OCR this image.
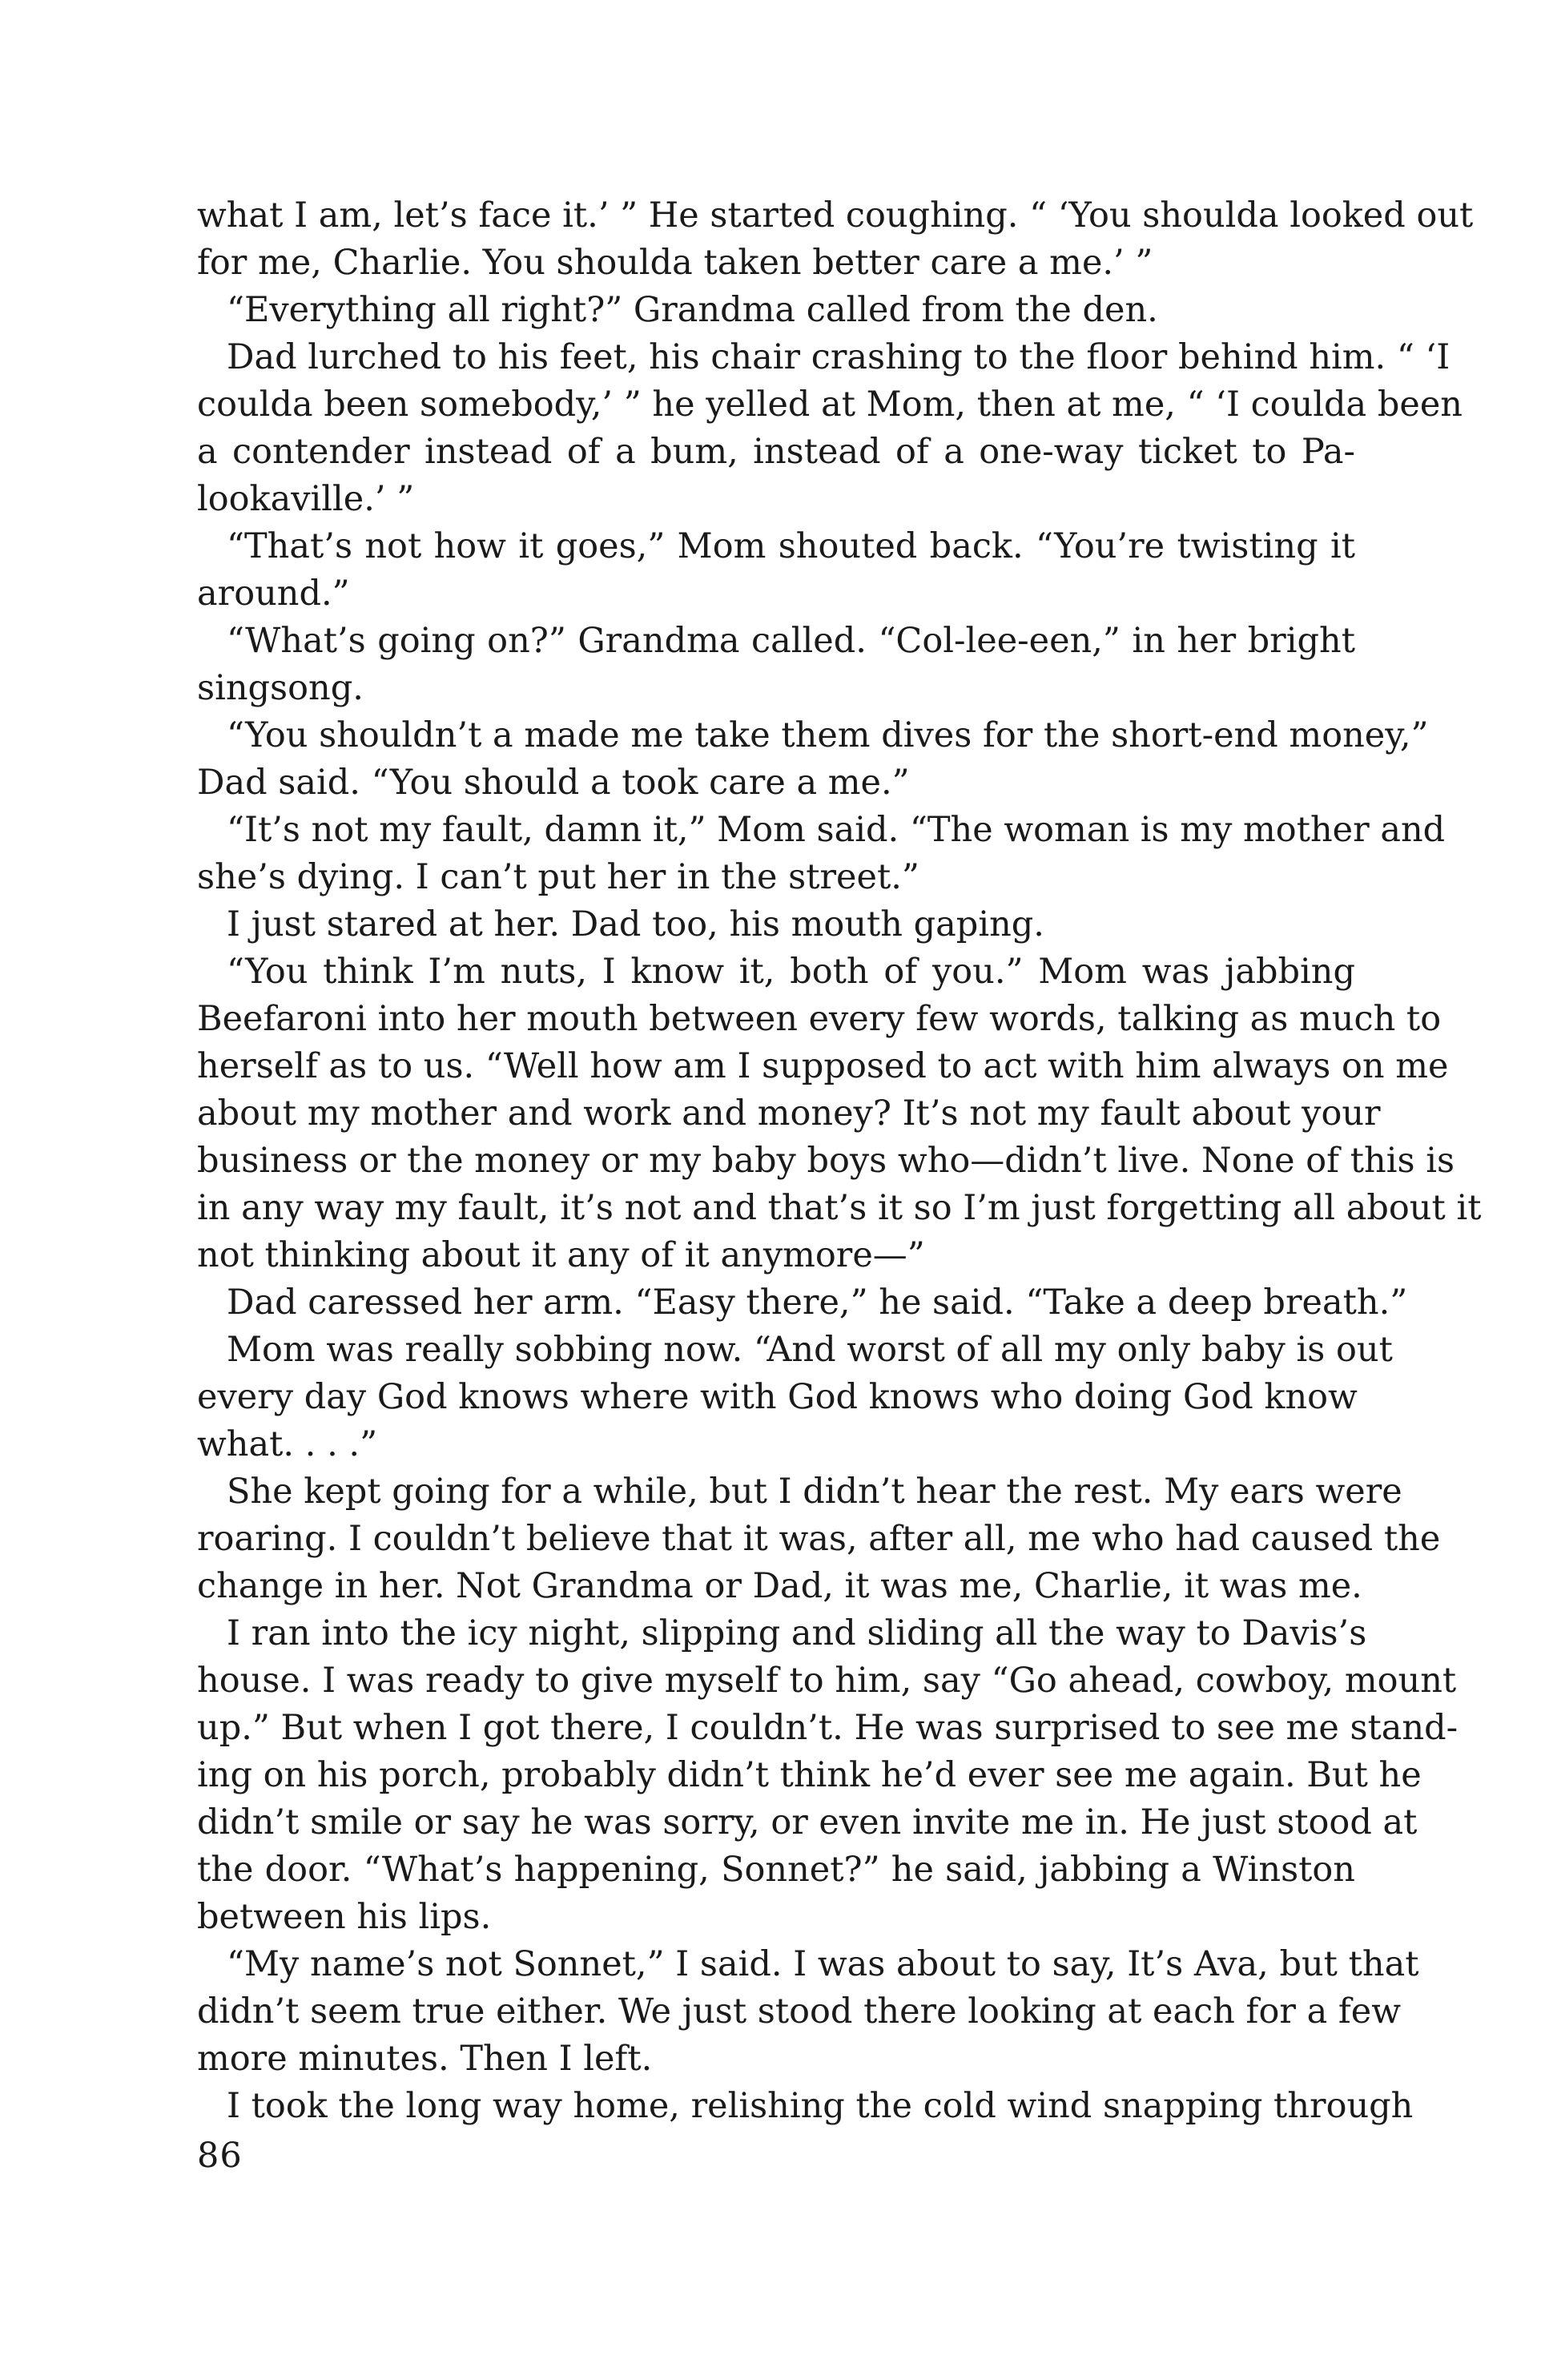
what I am, let’s face it.’ ” He started coughing. “ ‘You shoulda looked out
for me, Charlie. You shoulda taken better care a me.’ ”
“Everything all right?” Grandma called from the den.
Dad lurched to his feet, his chair crashing to the floor behind him. “ ‘I
coulda been somebody,’ ” he yelled at Mom, then at me, “ ‘I coulda been
a contender instead of a bum, instead of a one-way ticket to Pa-
lookaville.’ ”
“That’s not how it goes,” Mom shouted back. “You’re twisting it
around.”
“What’s going on?” Grandma called. “Col-lee-een,” in her bright
singsong.
“You shouldn’t a made me take them dives for the short-end money,”
Dad said. “You should a took care a me.”
“It’s not my fault, damn it,” Mom said. “The woman is my mother and
she’s dying. I can’t put her in the street.”
I just stared at her. Dad too, his mouth gaping.
“You think I’m nuts, I know it, both of you.” Mom was jabbing
Beefaroni into her mouth between every few words, talking as much to
herself as to us. “Well how am I supposed to act with him always on me
about my mother and work and money? It’s not my fault about your
business or the money or my baby boys who—didn’t live. None of this is
in any way my fault, it’s not and that’s it so I’m just forgetting all about it
not thinking about it any of it anymore—”
Dad caressed her arm. “Easy there,” he said. “Take a deep breath.”
Mom was really sobbing now. “And worst of all my only baby is out
every day God knows where with God knows who doing God know
what. . . .”
She kept going for a while, but I didn’t hear the rest. My ears were
roaring. I couldn’t believe that it was, after all, me who had caused the
change in her. Not Grandma or Dad, it was me, Charlie, it was me.
I ran into the icy night, slipping and sliding all the way to Davis’s
house. I was ready to give myself to him, say “Go ahead, cowboy, mount
up.” But when I got there, I couldn’t. He was surprised to see me stand-
ing on his porch, probably didn’t think he’d ever see me again. But he
didn’t smile or say he was sorry, or even invite me in. He just stood at
the door. “What’s happening, Sonnet?” he said, jabbing a Winston
between his lips.
“My name’s not Sonnet,” I said. I was about to say, It’s Ava, but that
didn’t seem true either. We just stood there looking at each for a few
more minutes. Then I left.
I took the long way home, relishing the cold wind snapping through
86
